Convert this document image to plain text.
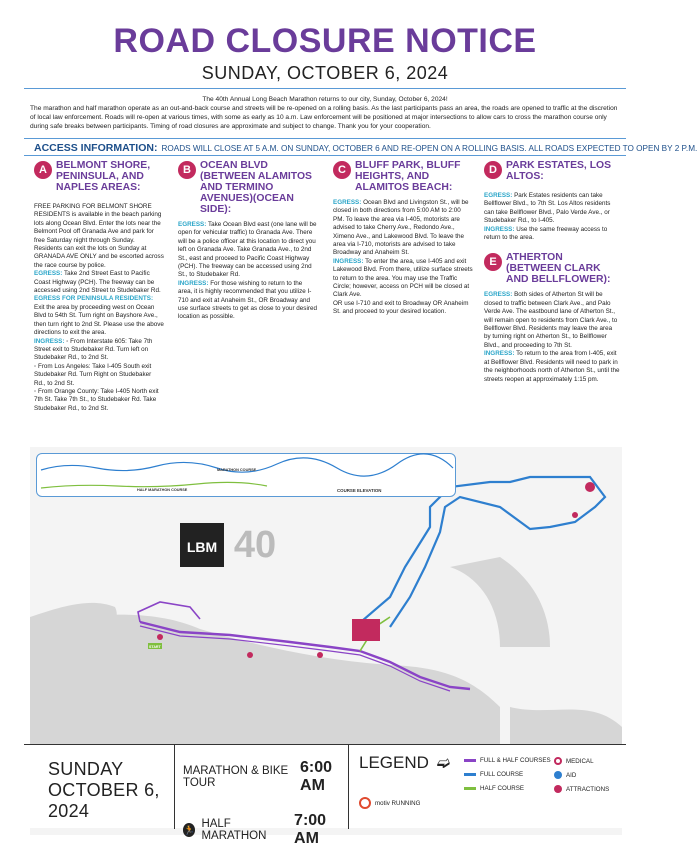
ROAD CLOSURE NOTICE
SUNDAY, OCTOBER 6, 2024

The 40th Annual Long Beach Marathon returns to our city, Sunday, October 6, 2024!

The marathon and half marathon operate as an out-and-back course and streets will be re-opened on a rolling basis. As the last participants pass an area, the roads are opened to traffic at the discretion of local law enforcement. Roads will re-open at various times, with some as early as 10 a.m. Law enforcement will be positioned at major intersections to allow cars to cross the marathon course only during safe breaks between participants. Timing of road closures are approximate and subject to change. Thank you for your cooperation.

ACCESS INFORMATION: ROADS WILL CLOSE AT 5 A.M. ON SUNDAY, OCTOBER 6 AND RE-OPEN ON A ROLLING BASIS. ALL ROADS EXPECTED TO OPEN BY 2 P.M.
A BELMONT SHORE, PENINSULA, AND NAPLES AREAS:

FREE PARKING FOR BELMONT SHORE RESIDENTS is available in the beach parking lots along Ocean Blvd. Enter the lots near the Belmont Pool off Granada Ave and park for free Saturday night through Sunday. Residents can exit the lots on Sunday at GRANADA AVE ONLY and be escorted across the race course by police.

EGRESS: Take 2nd Street East to Pacific Coast Highway (PCH). The freeway can be accessed using 2nd Street to Studebaker Rd.

EGRESS FOR PENINSULA RESIDENTS: Exit the area by proceeding west on Ocean Blvd to 54th St. Turn right on Bayshore Ave., then turn right to 2nd St. Please use the above directions to exit the area.

INGRESS: ◦ From Interstate 605: Take 7th Street exit to Studebaker Rd. Turn left on Studebaker Rd., to 2nd St.

◦ From Los Angeles: Take I-405 South exit Studebaker Rd. Turn Right on Studebaker Rd., to 2nd St.

◦ From Orange County: Take I-405 North exit 7th St. Take 7th St., to Studebaker Rd. Take Studebaker Rd., to 2nd St.

B OCEAN BLVD (BETWEEN ALAMITOS AND TERMINO AVENUES)(OCEAN SIDE):

EGRESS: Take Ocean Blvd east (one lane will be open for vehicular traffic) to Granada Ave. There will be a police officer at this location to direct you left on Granada Ave. Take Granada Ave., to 2nd St., east and proceed to Pacific Coast Highway (PCH). The freeway can be accessed using 2nd St., to Studebaker Rd.

INGRESS: For those wishing to return to the area, it is highly recommended that you utilize I-710 and exit at Anaheim St., OR Broadway and use surface streets to get as close to your desired location as possible.

C BLUFF PARK, BLUFF HEIGHTS, AND ALAMITOS BEACH:

EGRESS: Ocean Blvd and Livingston St., will be closed in both directions from 5:00 AM to 2:00 PM. To leave the area via I-405, motorists are advised to take Cherry Ave., Redondo Ave., Ximeno Ave., and Lakewood Blvd. To leave the area via I-710, motorists are advised to take Broadway and Anaheim St.

INGRESS: To enter the area, use I-405 and exit Lakewood Blvd. From there, utilize surface streets to return to the area. You may use the Traffic Circle; however, access on PCH will be closed at Clark Ave.

OR use I-710 and exit to Broadway OR Anaheim St. and proceed to your desired location.

D PARK ESTATES, LOS ALTOS:

EGRESS: Park Estates residents can take Bellflower Blvd., to 7th St. Los Altos residents can take Bellflower Blvd., Palo Verde Ave., or Studebaker Rd., to I-405.

INGRESS: Use the same freeway access to return to the area.

E ATHERTON (BETWEEN CLARK AND BELLFLOWER):

EGRESS: Both sides of Atherton St will be closed to traffic between Clark Ave., and Palo Verde Ave. The eastbound lane of Atherton St., will remain open to residents from Clark Ave., to Bellflower Blvd. Residents may leave the area by turning right on Atherton St., to Bellflower Blvd., and proceeding to 7th St.

INGRESS: To return to the area from I-405, exit at Bellflower Blvd. Residents will need to park in the neighborhoods north of Atherton St., until the streets reopen at approximately 1:15 pm.

START
LBM 40
MARATHON COURSE
HALF MARATHON COURSE	COURSE ELEVATION
SUNDAY
OCTOBER 6, 2024
MARATHON & BIKE TOUR
6:00 AM
🏃 HALF MARATHON
7:00 AM
LEGEND ➫
motiv RUNNING
FULL & HALF COURSES
FULL COURSE
HALF COURSE
MEDICAL
AID
ATTRACTIONS
